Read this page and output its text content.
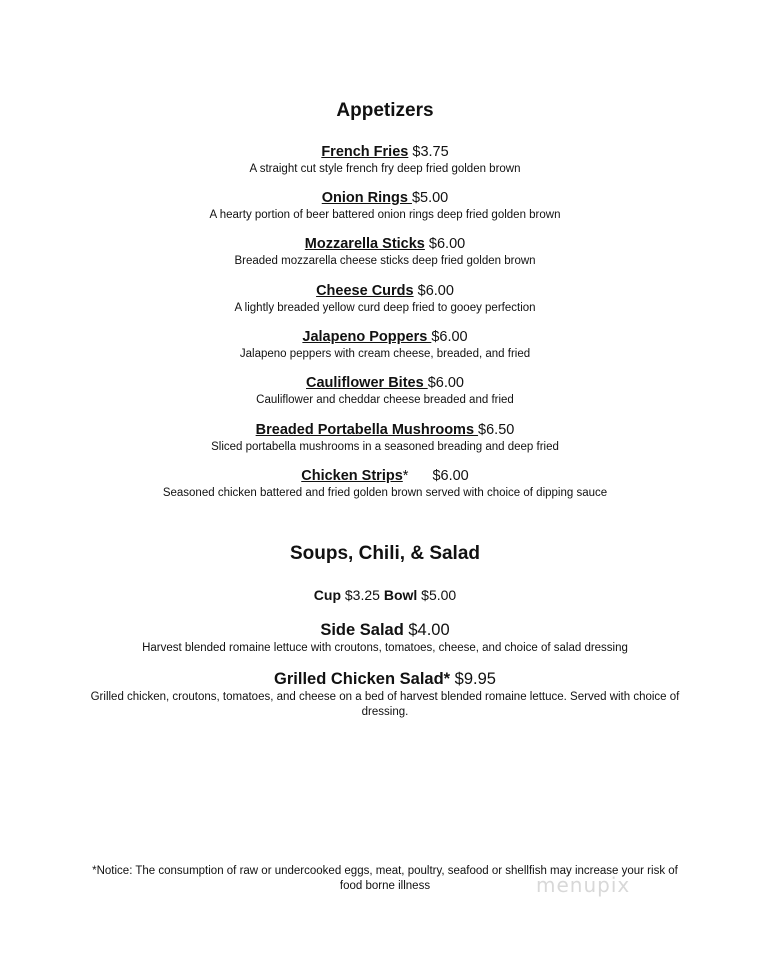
Appetizers
French Fries $3.75
A straight cut style french fry deep fried golden brown
Onion Rings $5.00
A hearty portion of beer battered onion rings deep fried golden brown
Mozzarella Sticks $6.00
Breaded mozzarella cheese sticks deep fried golden brown
Cheese Curds $6.00
A lightly breaded yellow curd deep fried to gooey perfection
Jalapeno Poppers $6.00
Jalapeno peppers with cream cheese, breaded, and fried
Cauliflower Bites $6.00
Cauliflower and cheddar cheese breaded and fried
Breaded Portabella Mushrooms $6.50
Sliced portabella mushrooms in a seasoned breading and deep fried
Chicken Strips* $6.00
Seasoned chicken battered and fried golden brown served with choice of dipping sauce
Soups, Chili, & Salad
Cup $3.25 Bowl $5.00
Side Salad $4.00
Harvest blended romaine lettuce with croutons, tomatoes, cheese, and choice of salad dressing
Grilled Chicken Salad* $9.95
Grilled chicken, croutons, tomatoes, and cheese on a bed of harvest blended romaine lettuce. Served with choice of dressing.
*Notice: The consumption of raw or undercooked eggs, meat, poultry, seafood or shellfish may increase your risk of food borne illness	menupix
